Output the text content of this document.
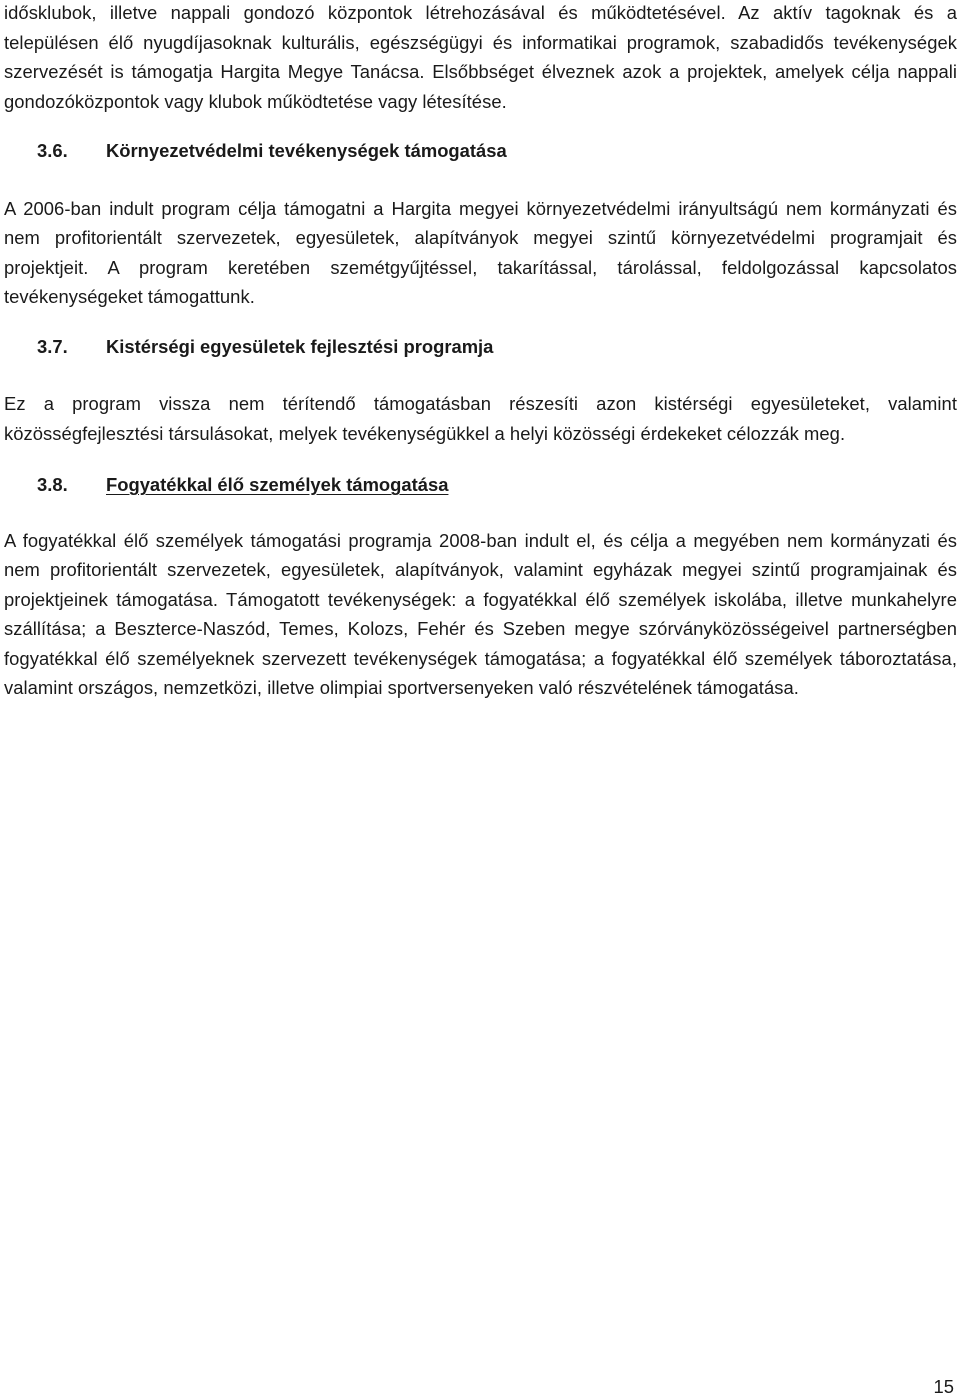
idősklubok, illetve nappali gondozó központok létrehozásával és működtetésével. Az aktív tagoknak és a településen élő nyugdíjasoknak kulturális, egészségügyi és informatikai programok, szabadidős tevékenységek szervezését is támogatja Hargita Megye Tanácsa. Elsőbbséget élveznek azok a projektek, amelyek célja nappali gondozóközpontok vagy klubok működtetése vagy létesítése.

3.6.	Környezetvédelmi tevékenységek támogatása

A 2006-ban indult program célja támogatni a Hargita megyei környezetvédelmi irányultságú nem kormányzati és nem profitorientált szervezetek, egyesületek, alapítványok megyei szintű környezetvédelmi programjait és projektjeit. A program keretében szemétgyűjtéssel, takarítással, tárolással, feldolgozással kapcsolatos tevékenységeket támogattunk.

3.7.	Kistérségi egyesületek fejlesztési programja

Ez a program vissza nem térítendő támogatásban részesíti azon kistérségi egyesületeket, valamint közösségfejlesztési társulásokat, melyek tevékenységükkel a helyi közösségi érdekeket célozzák meg.

3.8.	Fogyatékkal élő személyek támogatása

A fogyatékkal élő személyek támogatási programja 2008-ban indult el, és célja a megyében nem kormányzati és nem profitorientált szervezetek, egyesületek, alapítványok, valamint egyházak megyei szintű programjainak és projektjeinek támogatása. Támogatott tevékenységek: a fogyatékkal élő személyek iskolába, illetve munkahelyre szállítása; a Beszterce-Naszód, Temes, Kolozs, Fehér és Szeben megye szórványközösségeivel partnerségben fogyatékkal élő személyeknek szervezett tevékenységek támogatása; a fogyatékkal élő személyek táboroztatása, valamint országos, nemzetközi, illetve olimpiai sportversenyeken való részvételének támogatása.

15
